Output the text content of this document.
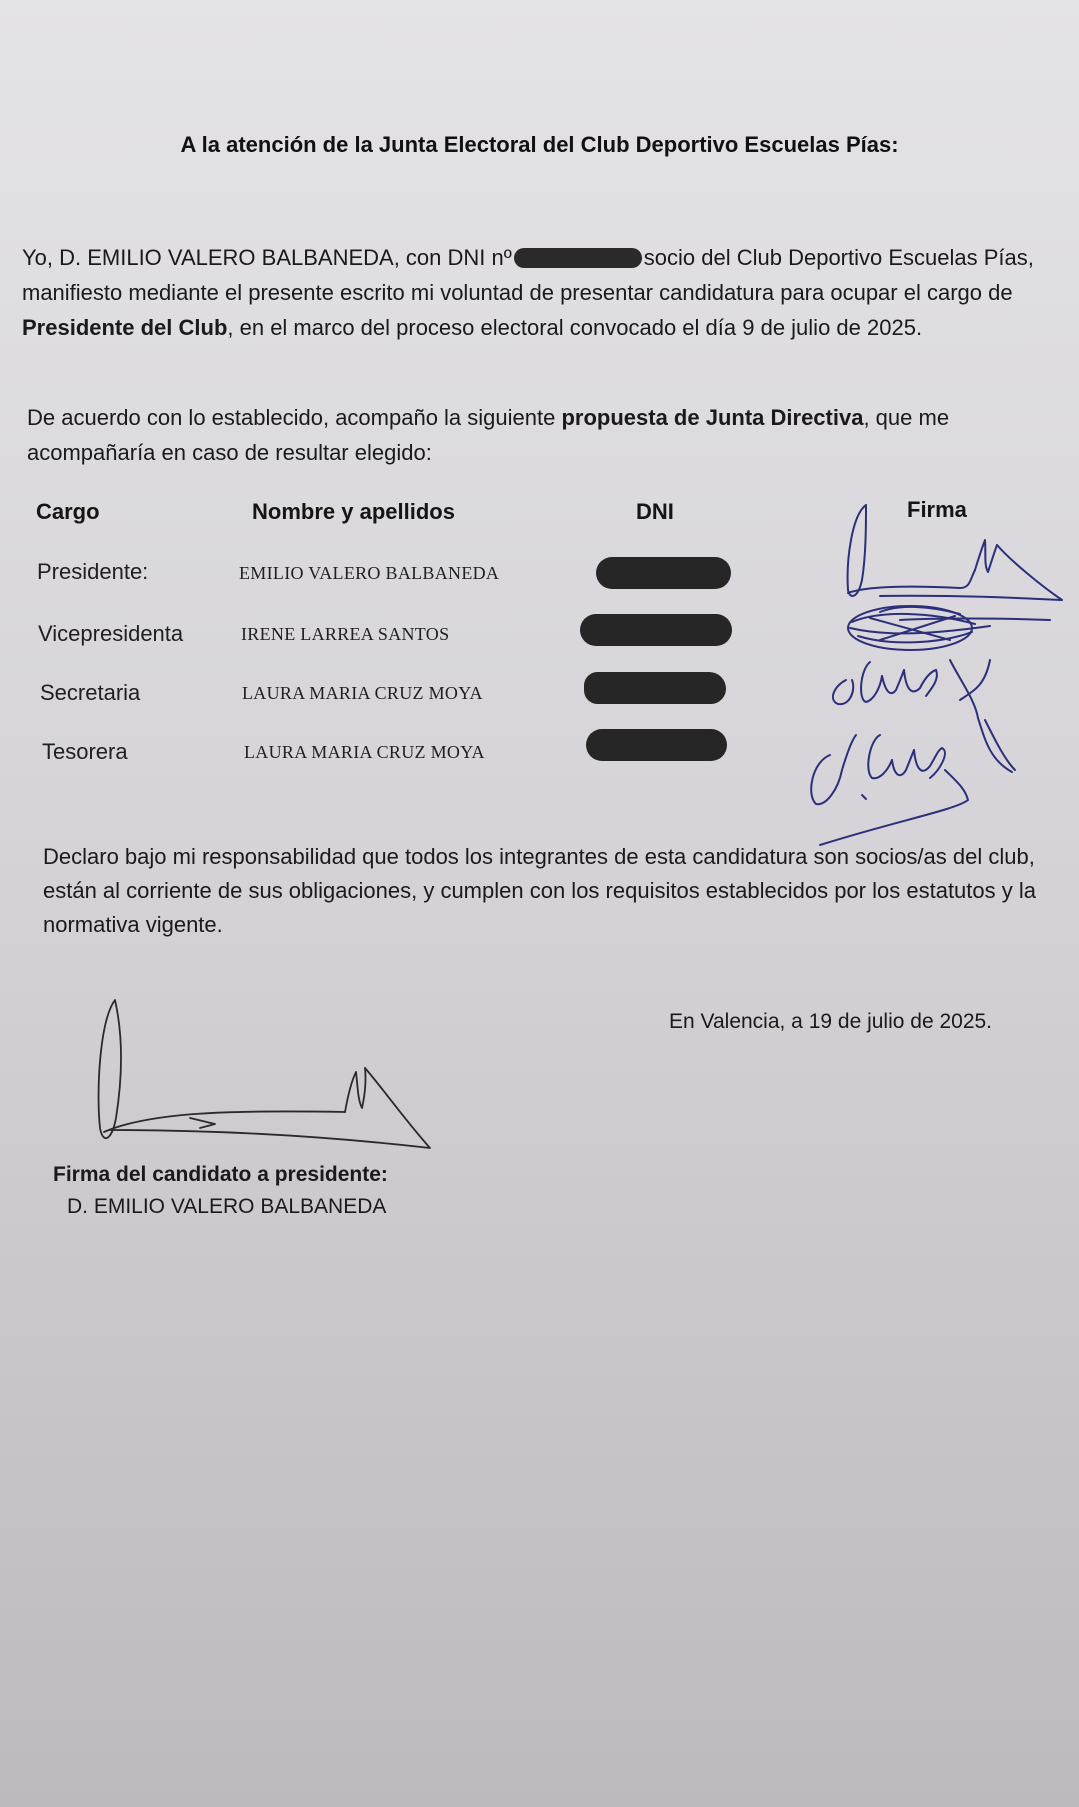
A la atención de la Junta Electoral del Club Deportivo Escuelas Pías:

Yo, D. EMILIO VALERO BALBANEDA, con DNI nº	socio del Club Deportivo Escuelas Pías, manifiesto mediante el presente escrito mi voluntad de presentar candidatura para ocupar el cargo de Presidente del Club, en el marco del proceso electoral convocado el día 9 de julio de 2025.

De acuerdo con lo establecido, acompaño la siguiente propuesta de Junta Directiva, que me acompañaría en caso de resultar elegido:

Cargo	Nombre y apellidos	DNI	Firma
Presidente:	EMILIO VALERO BALBANEDA
Vicepresidenta	IRENE LARREA SANTOS
Secretaria	LAURA MARIA CRUZ MOYA
Tesorera	LAURA MARIA CRUZ MOYA
Declaro bajo mi responsabilidad que todos los integrantes de esta candidatura son socios/as del club, están al corriente de sus obligaciones, y cumplen con los requisitos establecidos por los estatutos y la normativa vigente.
En Valencia, a 19 de julio de 2025.
Firma del candidato a presidente:
D. EMILIO VALERO BALBANEDA
